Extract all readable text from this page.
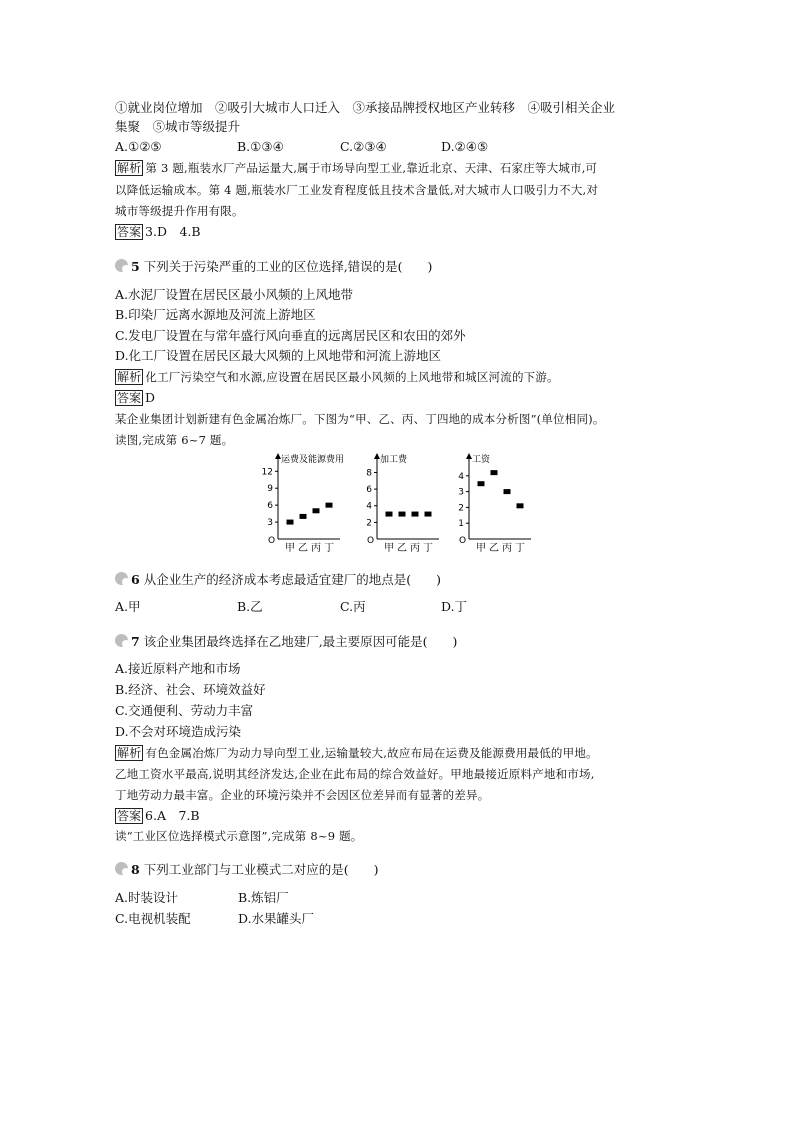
①就业岗位增加　②吸引大城市人口迁入　③承接品牌授权地区产业转移　④吸引相关企业
集聚　⑤城市等级提升
A.①②⑤	B.①③④	C.②③④	D.②④⑤
解析 第 3 题,瓶装水厂产品运量大,属于市场导向型工业,靠近北京、天津、石家庄等大城市,可
以降低运输成本。第 4 题,瓶装水厂工业发育程度低且技术含量低,对大城市人口吸引力不大,对
城市等级提升作用有限。
答案 3.D　4.B
5 下列关于污染严重的工业的区位选择,错误的是(　　)
A.水泥厂设置在居民区最小风频的上风地带
B.印染厂远离水源地及河流上游地区
C.发电厂设置在与常年盛行风向垂直的远离居民区和农田的郊外
D.化工厂设置在居民区最大风频的上风地带和河流上游地区
解析 化工厂污染空气和水源,应设置在居民区最小风频的上风地带和城区河流的下游。
答案 D
某企业集团计划新建有色金属冶炼厂。下图为“甲、乙、丙、丁四地的成本分析图”(单位相同)。
读图,完成第 6~7 题。
运费及能源费用
O
12
9
6
3
甲 乙 丙 丁
加工费
O
8
6
4
2
甲 乙 丙 丁
工资
O
4
3
2
1
甲 乙 丙 丁
6 从企业生产的经济成本考虑最适宜建厂的地点是(　　)
A.甲	B.乙	C.丙	D.丁
7 该企业集团最终选择在乙地建厂,最主要原因可能是(　　)
A.接近原料产地和市场
B.经济、社会、环境效益好
C.交通便利、劳动力丰富
D.不会对环境造成污染
解析 有色金属冶炼厂为动力导向型工业,运输量较大,故应布局在运费及能源费用最低的甲地。
乙地工资水平最高,说明其经济发达,企业在此布局的综合效益好。甲地最接近原料产地和市场,
丁地劳动力最丰富。企业的环境污染并不会因区位差异而有显著的差异。
答案 6.A　7.B
读“工业区位选择模式示意图”,完成第 8~9 题。
8 下列工业部门与工业模式二对应的是(　　)
A.时装设计	B.炼铝厂
C.电视机装配	D.水果罐头厂
